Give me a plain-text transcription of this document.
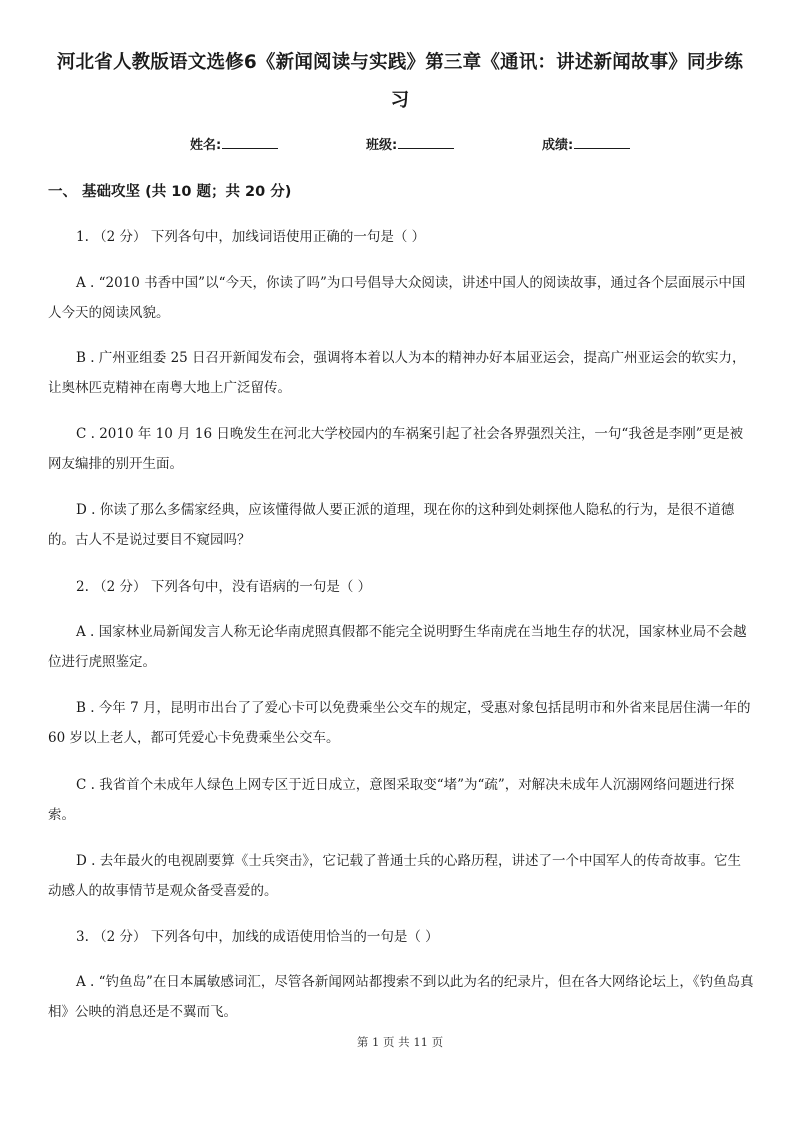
河北省人教版语文选修6《新闻阅读与实践》第三章《通讯：讲述新闻故事》同步练习
姓名:	班级:	成绩:
一、 基础攻坚 (共 10 题；共 20 分)
1. （2 分） 下列各句中，加线词语使用正确的一句是（ ）
A . “2010 书香中国”以“今天，你读了吗”为口号倡导大众阅读，讲述中国人的阅读故事，通过各个层面展示中国人今天的阅读风貌。
B . 广州亚组委 25 日召开新闻发布会，强调将本着以人为本的精神办好本届亚运会，提高广州亚运会的软实力，让奥林匹克精神在南粤大地上广泛留传。
C . 2010 年 10 月 16 日晚发生在河北大学校园内的车祸案引起了社会各界强烈关注，一句“我爸是李刚”更是被网友编排的别开生面。
D . 你读了那么多儒家经典，应该懂得做人要正派的道理，现在你的这种到处刺探他人隐私的行为，是很不道德的。古人不是说过要目不窥园吗？
2. （2 分） 下列各句中，没有语病的一句是（ ）
A . 国家林业局新闻发言人称无论华南虎照真假都不能完全说明野生华南虎在当地生存的状况，国家林业局不会越位进行虎照鉴定。
B . 今年 7 月，昆明市出台了了爱心卡可以免费乘坐公交车的规定，受惠对象包括昆明市和外省来昆居住满一年的 60 岁以上老人，都可凭爱心卡免费乘坐公交车。
C . 我省首个未成年人绿色上网专区于近日成立，意图采取变“堵”为“疏”，对解决未成年人沉溺网络问题进行探索。
D . 去年最火的电视剧要算《士兵突击》，它记载了普通士兵的心路历程，讲述了一个中国军人的传奇故事。它生动感人的故事情节是观众备受喜爱的。
3. （2 分） 下列各句中，加线的成语使用恰当的一句是（ ）
A . “钓鱼岛”在日本属敏感词汇，尽管各新闻网站都搜索不到以此为名的纪录片，但在各大网络论坛上，《钓鱼岛真相》公映的消息还是不翼而飞。
第 1 页 共 11 页
